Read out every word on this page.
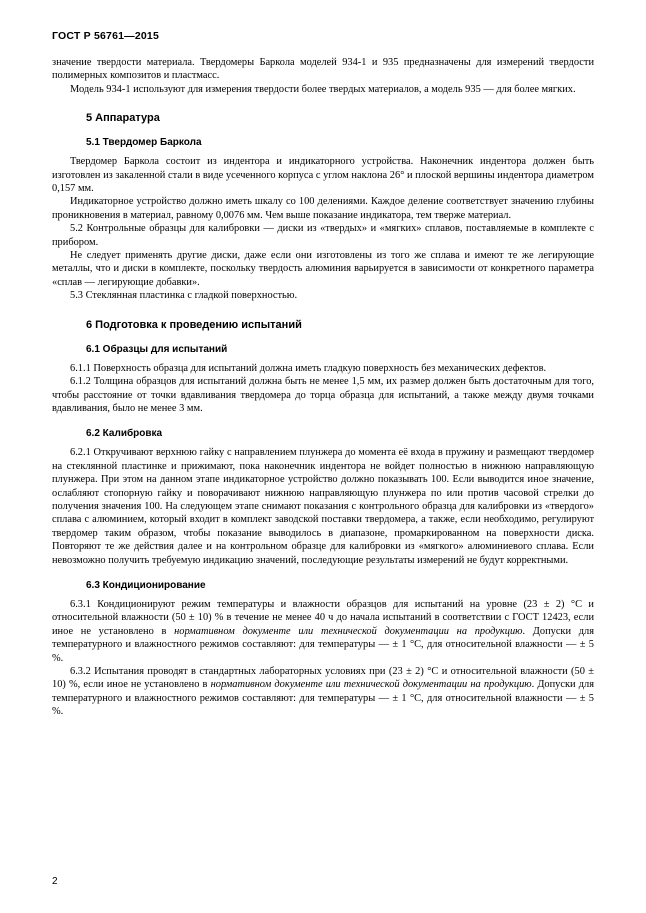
ГОСТ Р 56761—2015

значение твердости материала. Твердомеры Баркола моделей 934-1 и 935 предназначены для измерений твердости полимерных композитов и пластмасс.

Модель 934-1 используют для измерения твердости более твердых материалов, а модель 935 — для более мягких.

5 Аппаратура
5.1 Твердомер Баркола

Твердомер Баркола состоит из индентора и индикаторного устройства. Наконечник индентора должен быть изготовлен из закаленной стали в виде усеченного корпуса с углом наклона 26° и плоской вершины индентора диаметром 0,157 мм.

Индикаторное устройство должно иметь шкалу со 100 делениями. Каждое деление соответствует значению глубины проникновения в материал, равному 0,0076 мм. Чем выше показание индикатора, тем тверже материал.

5.2 Контрольные образцы для калибровки — диски из «твердых» и «мягких» сплавов, поставляемые в комплекте с прибором.

Не следует применять другие диски, даже если они изготовлены из того же сплава и имеют те же легирующие металлы, что и диски в комплекте, поскольку твердость алюминия варьируется в зависимости от конкретного параметра «сплав — легирующие добавки».

5.3 Стеклянная пластинка с гладкой поверхностью.

6 Подготовка к проведению испытаний
6.1 Образцы для испытаний

6.1.1 Поверхность образца для испытаний должна иметь гладкую поверхность без механических дефектов.

6.1.2 Толщина образцов для испытаний должна быть не менее 1,5 мм, их размер должен быть достаточным для того, чтобы расстояние от точки вдавливания твердомера до торца образца для испытаний, а также между двумя точками вдавливания, было не менее 3 мм.

6.2 Калибровка

6.2.1 Откручивают верхнюю гайку с направлением плунжера до момента её входа в пружину и размещают твердомер на стеклянной пластинке и прижимают, пока наконечник индентора не войдет полностью в нижнюю направляющую плунжера. При этом на данном этапе индикаторное устройство должно показывать 100. Если выводится иное значение, ослабляют стопорную гайку и поворачивают нижнюю направляющую плунжера по или против часовой стрелки до получения значения 100. На следующем этапе снимают показания с контрольного образца для калибровки из «твердого» сплава с алюминием, который входит в комплект заводской поставки твердомера, а также, если необходимо, регулируют твердомер таким образом, чтобы показание выводилось в диапазоне, промаркированном на поверхности диска. Повторяют те же действия далее и на контрольном образце для калибровки из «мягкого» алюминиевого сплава. Если невозможно получить требуемую индикацию значений, последующие результаты измерений не будут корректными.

6.3 Кондиционирование

6.3.1 Кондиционируют режим температуры и влажности образцов для испытаний на уровне (23 ± 2) °С и относительной влажности (50 ± 10) % в течение не менее 40 ч до начала испытаний в соответствии с ГОСТ 12423, если иное не установлено в нормативном документе или технической документации на продукцию. Допуски для температурного и влажностного режимов составляют: для температуры — ± 1 °С, для относительной влажности — ± 5 %.

6.3.2 Испытания проводят в стандартных лабораторных условиях при (23 ± 2) °С и относительной влажности (50 ± 10) %, если иное не установлено в нормативном документе или технической документации на продукцию. Допуски для температурного и влажностного режимов составляют: для температуры — ± 1 °С, для относительной влажности — ± 5 %.

2
